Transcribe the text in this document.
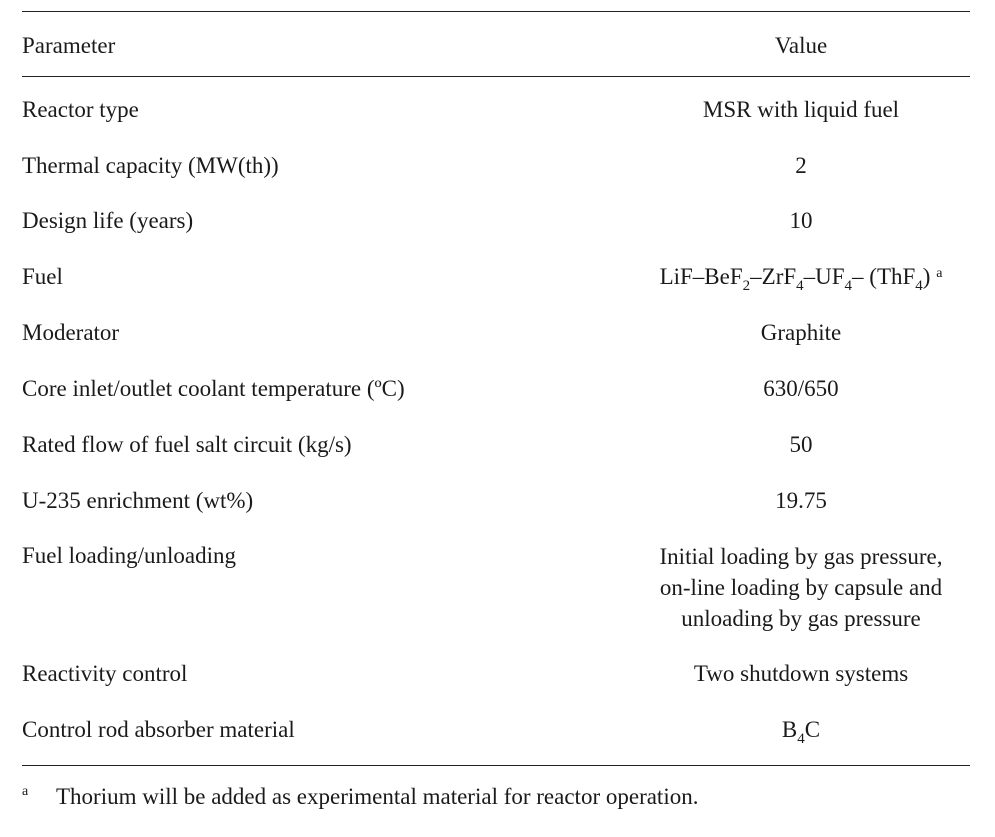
Parameter	Value
Reactor type	MSR with liquid fuel
Thermal capacity (MW(th))	2
Design life (years)	10
Fuel	LiF–$BeF_2-ZrF_4-UF_4-$ (ThF$_4$) $^a$
Moderator	Graphite
Core inlet/outlet coolant temperature (ºC)	630/650
Rated flow of fuel salt circuit (kg/s)	50
U-235 enrichment (wt%)	19.75
Fuel loading/unloading	Initial loading by gas pressure,
on-line loading by capsule and
unloading by gas pressure
Reactivity control	Two shutdown systems
Control rod absorber material	$B_4C$
a Thorium will be added as experimental material for reactor operation.
